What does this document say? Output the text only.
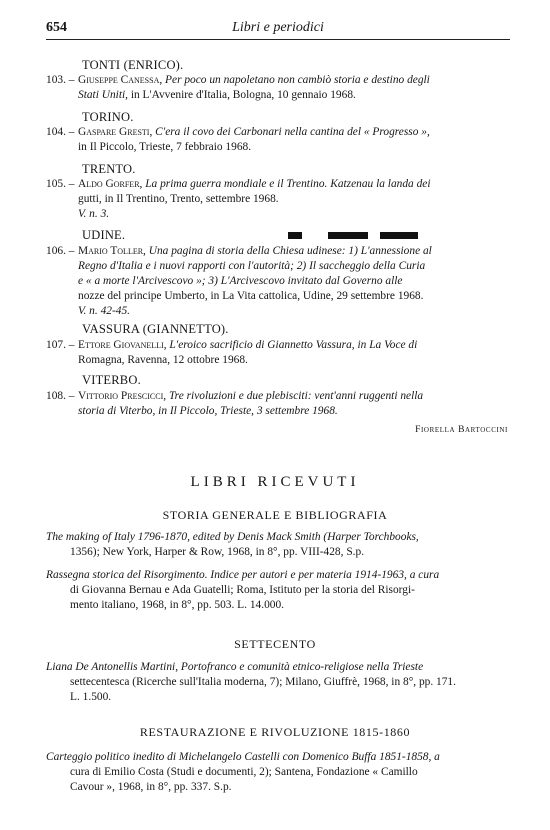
654	Libri e periodici
TONTI (ENRICO).
103. – Giuseppe Canessa, Per poco un napoletano non cambiò storia e destino degli
Stati Uniti, in L'Avvenire d'Italia, Bologna, 10 gennaio 1968.
TORINO.
104. – Gaspare Gresti, C'era il covo dei Carbonari nella cantina del « Progresso »,
in Il Piccolo, Trieste, 7 febbraio 1968.
TRENTO.
105. – Aldo Gorfer, La prima guerra mondiale e il Trentino. Katzenau la landa dei
gutti, in Il Trentino, Trento, settembre 1968.
V. n. 3.
UDINE.
106. – Mario Toller, Una pagina di storia della Chiesa udinese: 1) L'annessione al
Regno d'Italia e i nuovi rapporti con l'autorità; 2) Il saccheggio della Curia
e « a morte l'Arcivescovo »; 3) L'Arcivescovo invitato dal Governo alle
nozze del principe Umberto, in La Vita cattolica, Udine, 29 settembre 1968.
V. n. 42-45.
VASSURA (GIANNETTO).
107. – Ettore Giovanelli, L'eroico sacrificio di Giannetto Vassura, in La Voce di
Romagna, Ravenna, 12 ottobre 1968.
VITERBO.
108. – Vittorio Prescicci, Tre rivoluzioni e due plebisciti: vent'anni ruggenti nella
storia di Viterbo, in Il Piccolo, Trieste, 3 settembre 1968.
Fiorella Bartoccini
LIBRI RICEVUTI
STORIA GENERALE E BIBLIOGRAFIA
The making of Italy 1796-1870, edited by Denis Mack Smith (Harper Torchbooks,
1356); New York, Harper & Row, 1968, in 8°, pp. VIII-428, S.p.
Rassegna storica del Risorgimento. Indice per autori e per materia 1914-1963, a cura
di Giovanna Bernau e Ada Guatelli; Roma, Istituto per la storia del Risorgi-
mento italiano, 1968, in 8°, pp. 503. L. 14.000.
SETTECENTO
Liana De Antonellis Martini, Portofranco e comunità etnico-religiose nella Trieste
settecentesca (Ricerche sull'Italia moderna, 7); Milano, Giuffrè, 1968, in 8°, pp. 171.
L. 1.500.
RESTAURAZIONE E RIVOLUZIONE 1815-1860
Carteggio politico inedito di Michelangelo Castelli con Domenico Buffa 1851-1858, a
cura di Emilio Costa (Studi e documenti, 2); Santena, Fondazione « Camillo
Cavour », 1968, in 8°, pp. 337. S.p.
